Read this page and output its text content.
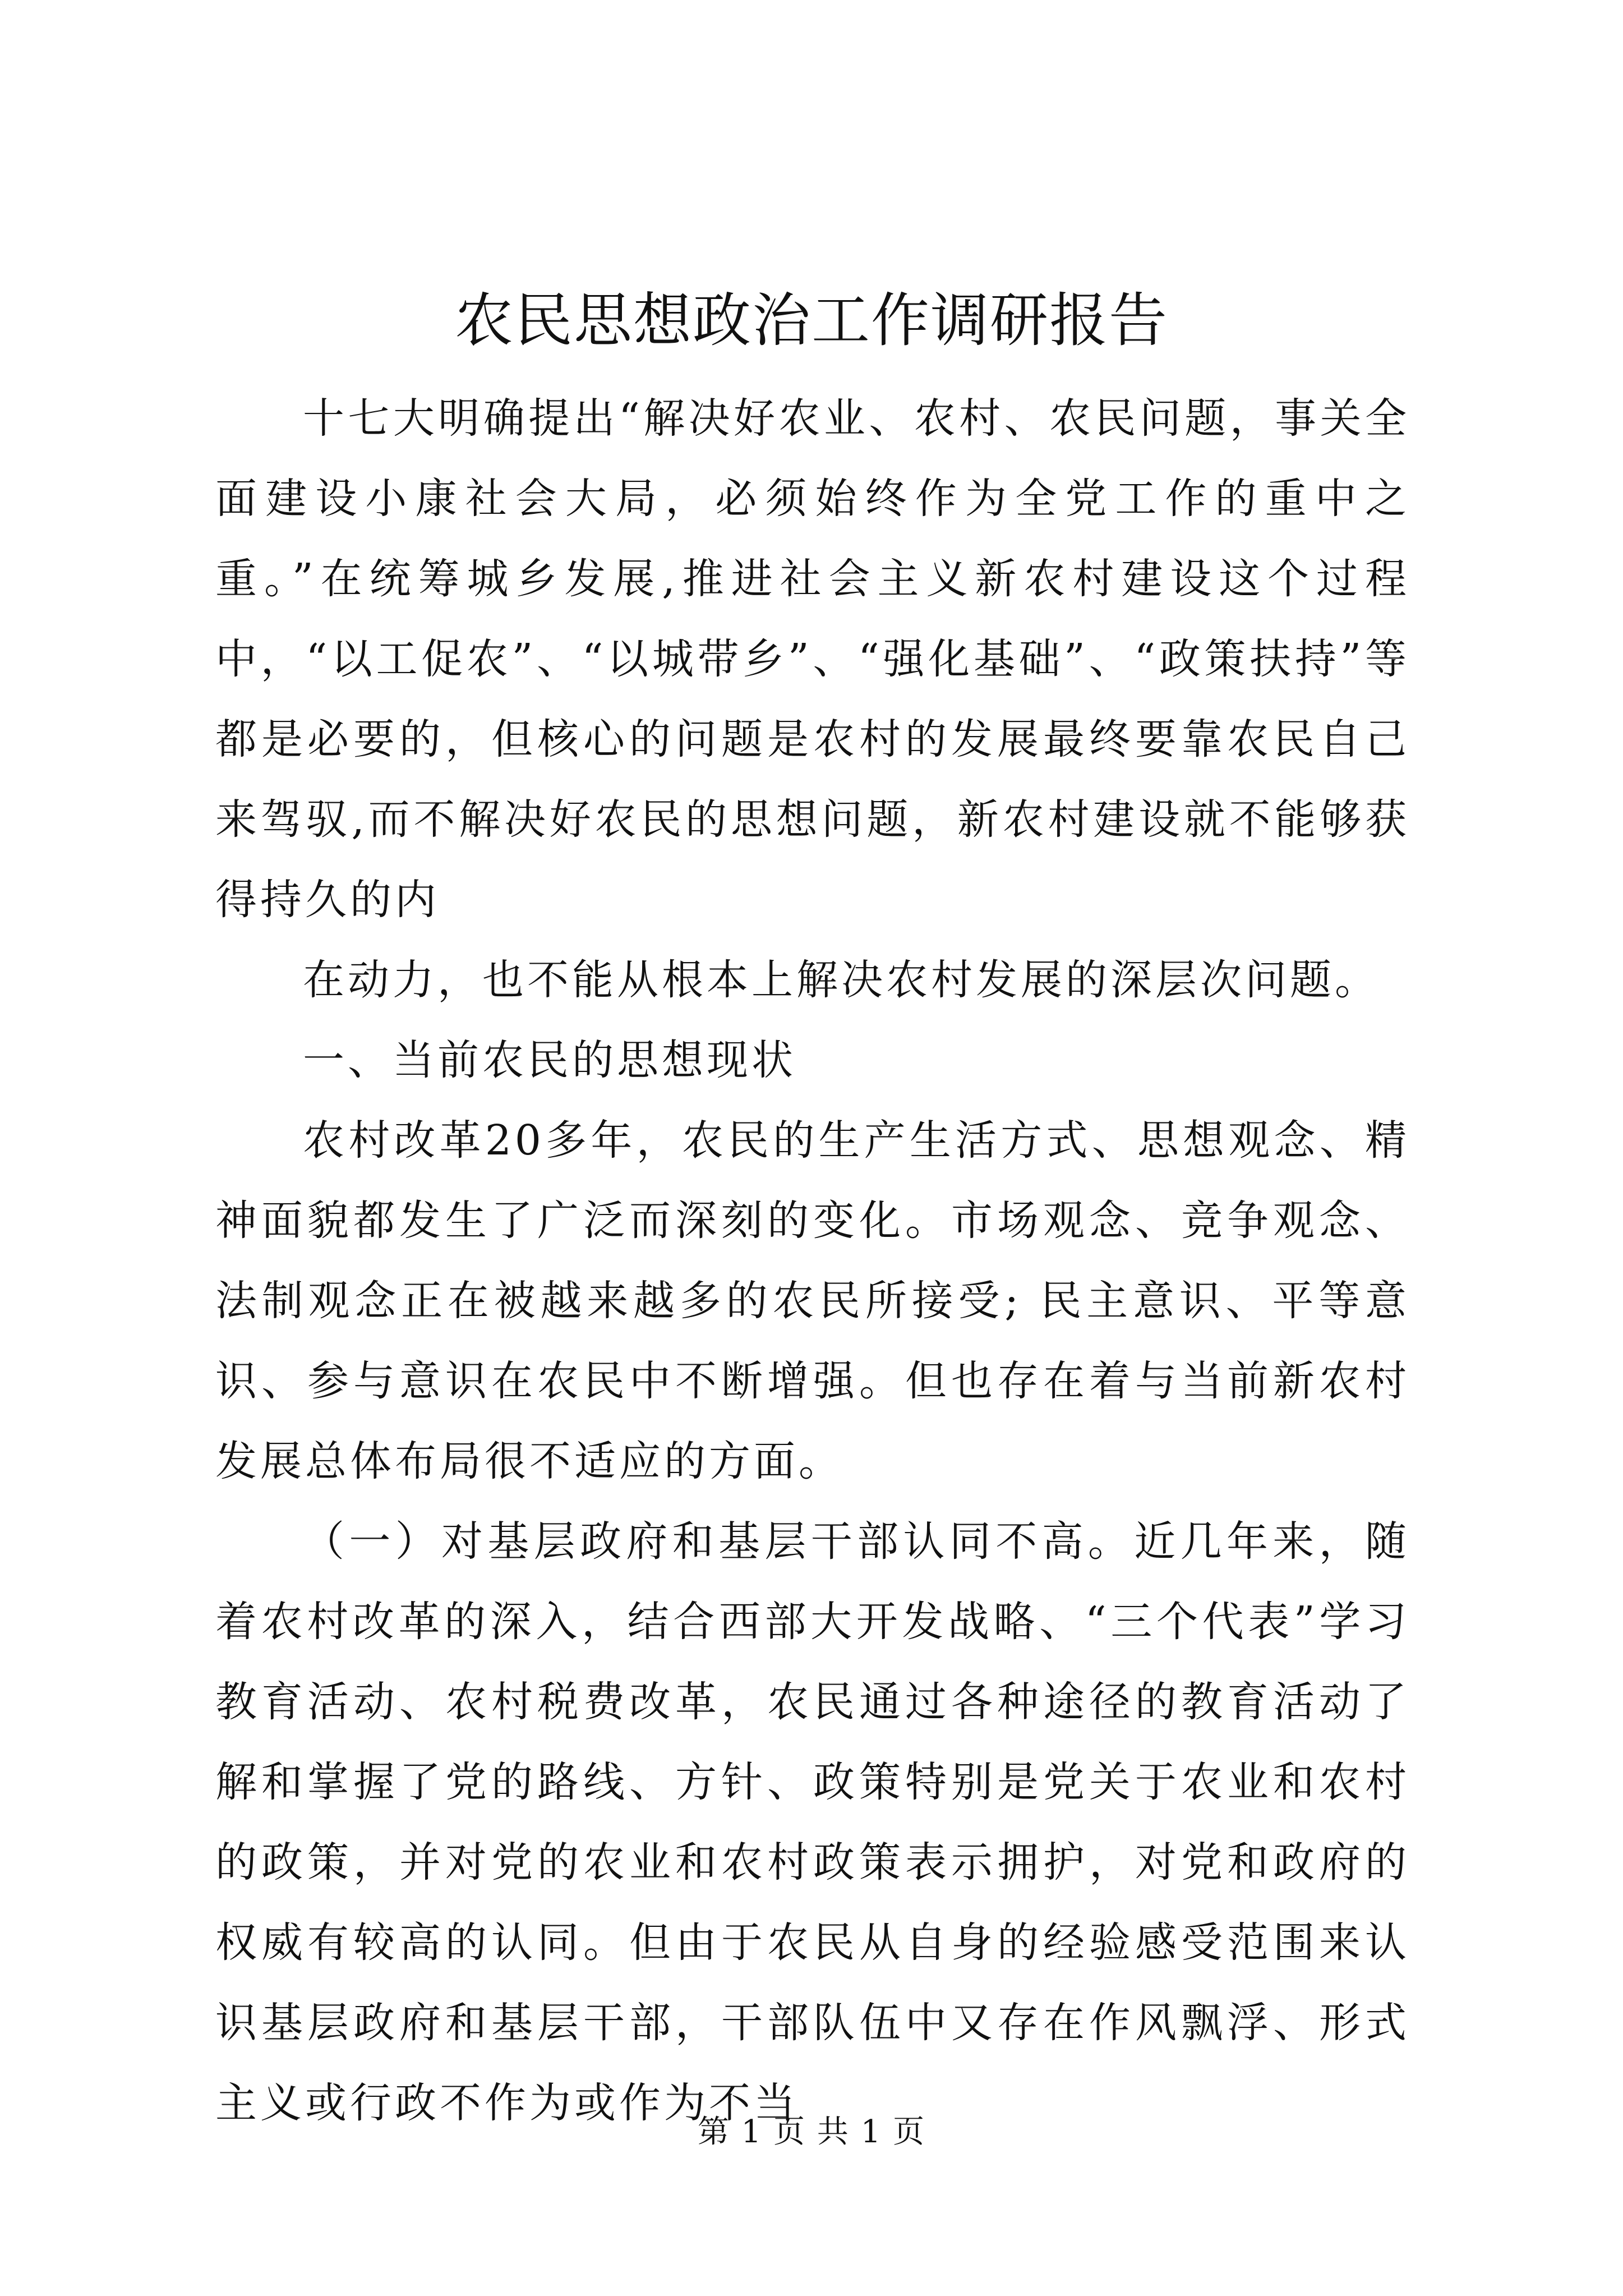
农民思想政治工作调研报告

十七大明确提出“解决好农业、农村、农民问题，事关全面建设小康社会大局，必须始终作为全党工作的重中之重。”在统筹城乡发展,推进社会主义新农村建设这个过程中，“以工促农”、“以城带乡”、“强化基础”、“政策扶持”等都是必要的，但核心的问题是农村的发展最终要靠农民自己来驾驭,而不解决好农民的思想问题，新农村建设就不能够获得持久的内

在动力，也不能从根本上解决农村发展的深层次问题。

一、当前农民的思想现状

农村改革20多年，农民的生产生活方式、思想观念、精神面貌都发生了广泛而深刻的变化。市场观念、竞争观念、法制观念正在被越来越多的农民所接受; 民主意识、平等意识、参与意识在农民中不断增强。但也存在着与当前新农村发展总体布局很不适应的方面。

（一）对基层政府和基层干部认同不高。近几年来，随着农村改革的深入，结合西部大开发战略、“三个代表”学习教育活动、农村税费改革，农民通过各种途径的教育活动了解和掌握了党的路线、方针、政策特别是党关于农业和农村的政策，并对党的农业和农村政策表示拥护，对党和政府的权威有较高的认同。但由于农民从自身的经验感受范围来认识基层政府和基层干部，干部队伍中又存在作风飘浮、形式主义或行政不作为或作为不当

第 1 页 共 1 页
